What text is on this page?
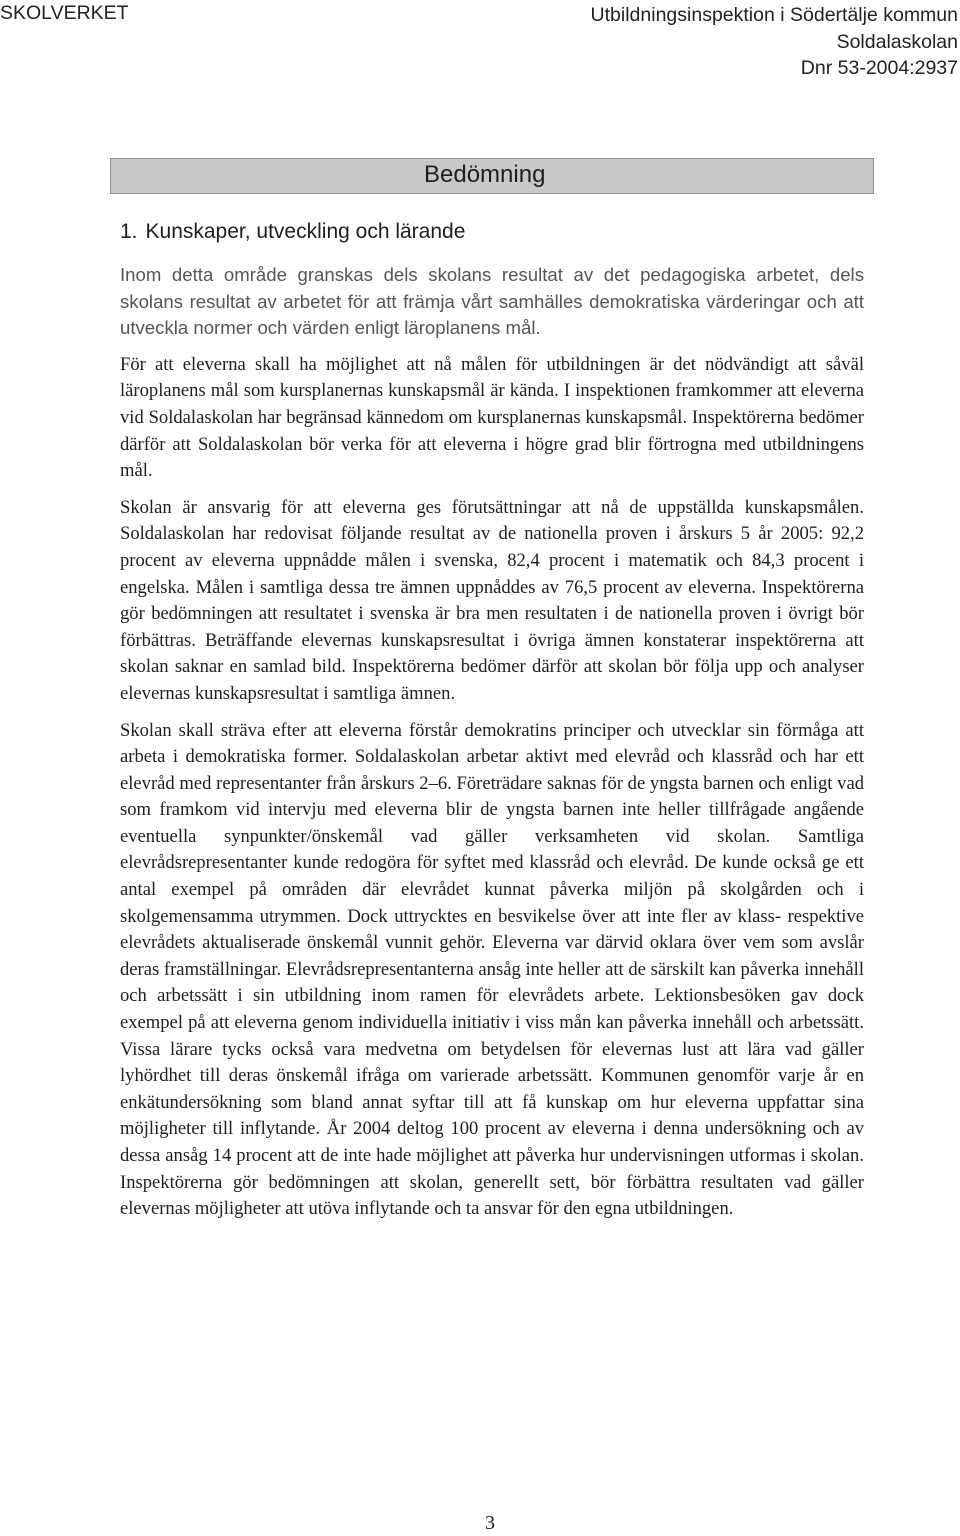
SKOLVERKET	Utbildningsinspektion i Södertälje kommun
Soldalaskolan
Dnr 53-2004:2937
Bedömning
1. Kunskaper, utveckling och lärande

Inom detta område granskas dels skolans resultat av det pedagogiska arbetet, dels skolans resultat av arbetet för att främja vårt samhälles demokratiska värderingar och att utveckla normer och värden enligt läroplanens mål.

För att eleverna skall ha möjlighet att nå målen för utbildningen är det nödvändigt att såväl läroplanens mål som kursplanernas kunskapsmål är kända. I inspektionen framkommer att eleverna vid Soldalaskolan har begränsad kännedom om kursplanernas kunskapsmål. Inspektörerna bedömer därför att Soldalaskolan bör verka för att eleverna i högre grad blir förtrogna med utbildningens mål.

Skolan är ansvarig för att eleverna ges förutsättningar att nå de uppställda kunskapsmålen. Soldalaskolan har redovisat följande resultat av de nationella proven i årskurs 5 år 2005: 92,2 procent av eleverna uppnådde målen i svenska, 82,4 procent i matematik och 84,3 procent i engelska. Målen i samtliga dessa tre ämnen uppnåddes av 76,5 procent av eleverna. Inspektörerna gör bedömningen att resultatet i svenska är bra men resultaten i de nationella proven i övrigt bör förbättras. Beträffande elevernas kunskapsresultat i övriga ämnen konstaterar inspektörerna att skolan saknar en samlad bild. Inspektörerna bedömer därför att skolan bör följa upp och analyser elevernas kunskapsresultat i samtliga ämnen.

Skolan skall sträva efter att eleverna förstår demokratins principer och utvecklar sin förmåga att arbeta i demokratiska former. Soldalaskolan arbetar aktivt med elevråd och klassråd och har ett elevråd med representanter från årskurs 2–6. Företrädare saknas för de yngsta barnen och enligt vad som framkom vid intervju med eleverna blir de yngsta barnen inte heller tillfrågade angående eventuella synpunkter/önskemål vad gäller verksamheten vid skolan. Samtliga elevrådsrepresentanter kunde redogöra för syftet med klassråd och elevråd. De kunde också ge ett antal exempel på områden där elevrådet kunnat påverka miljön på skolgården och i skolgemensamma utrymmen. Dock uttrycktes en besvikelse över att inte fler av klass- respektive elevrådets aktualiserade önskemål vunnit gehör. Eleverna var därvid oklara över vem som avslår deras framställningar. Elevrådsrepresentanterna ansåg inte heller att de särskilt kan påverka innehåll och arbetssätt i sin utbildning inom ramen för elevrådets arbete. Lektionsbesöken gav dock exempel på att eleverna genom individuella initiativ i viss mån kan påverka innehåll och arbetssätt. Vissa lärare tycks också vara medvetna om betydelsen för elevernas lust att lära vad gäller lyhördhet till deras önskemål ifråga om varierade arbetssätt. Kommunen genomför varje år en enkätundersökning som bland annat syftar till att få kunskap om hur eleverna uppfattar sina möjligheter till inflytande. År 2004 deltog 100 procent av eleverna i denna undersökning och av dessa ansåg 14 procent att de inte hade möjlighet att påverka hur undervisningen utformas i skolan. Inspektörerna gör bedömningen att skolan, generellt sett, bör förbättra resultaten vad gäller elevernas möjligheter att utöva inflytande och ta ansvar för den egna utbildningen.

3
